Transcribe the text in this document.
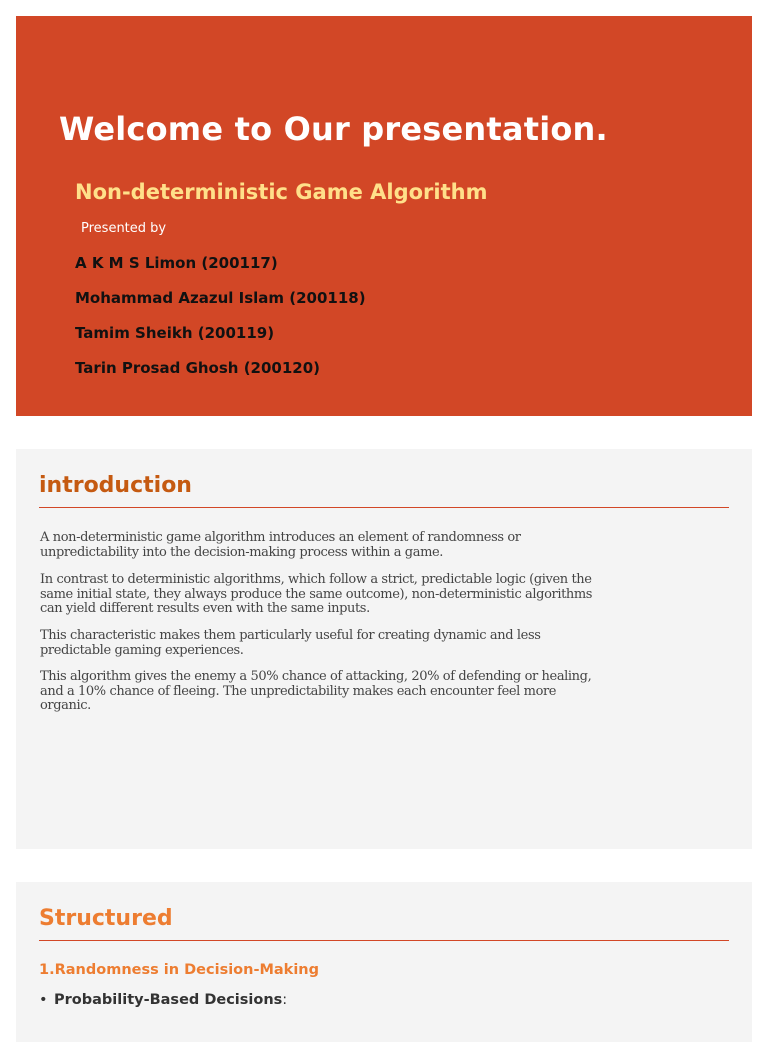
Welcome to Our presentation.
Non-deterministic Game Algorithm
Presented by

A K M S Limon (200117)

Mohammad Azazul Islam (200118)

Tamim Sheikh (200119)

Tarin Prosad Ghosh (200120)

introduction

A non-deterministic game algorithm introduces an element of randomness or unpredictability into the decision-making process within a game.

In contrast to deterministic algorithms, which follow a strict, predictable logic (given the same initial state, they always produce the same outcome), non-deterministic algorithms can yield different results even with the same inputs.

This characteristic makes them particularly useful for creating dynamic and less predictable gaming experiences.

This algorithm gives the enemy a 50% chance of attacking, 20% of defending or healing, and a 10% chance of fleeing. The unpredictability makes each encounter feel more organic.

Structured
1.Randomness in Decision-Making
• Probability-Based Decisions:
